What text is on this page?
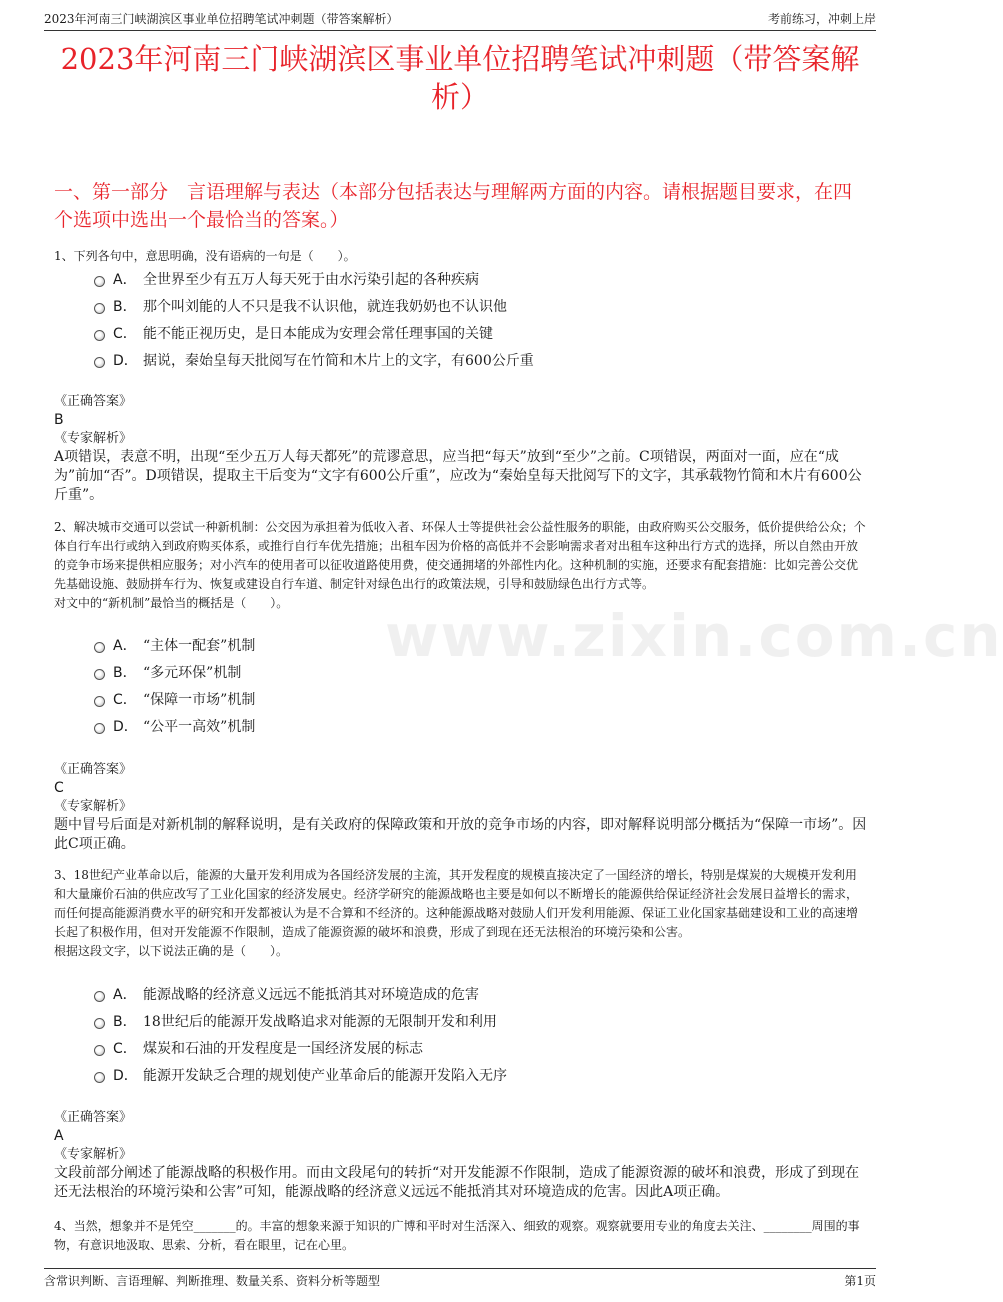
2023年河南三门峡湖滨区事业单位招聘笔试冲刺题（带答案解析）	考前练习，冲刺上岸
2023年河南三门峡湖滨区事业单位招聘笔试冲刺题（带答案解析）
一、第一部分　言语理解与表达（本部分包括表达与理解两方面的内容。请根据题目要求，在四个选项中选出一个最恰当的答案。）
www.zixin.com.cn

1、下列各句中，意思明确，没有语病的一句是（　　）。

A． 全世界至少有五万人每天死于由水污染引起的各种疾病
B． 那个叫刘能的人不只是我不认识他，就连我奶奶也不认识他
C． 能不能正视历史，是日本能成为安理会常任理事国的关键
D． 据说，秦始皇每天批阅写在竹简和木片上的文字，有600公斤重
《正确答案》
B
《专家解析》

A项错误，表意不明，出现“至少五万人每天都死”的荒谬意思，应当把“每天”放到“至少”之前。C项错误，两面对一面，应在“成为”前加“否”。D项错误，提取主干后变为“文字有600公斤重”，应改为“秦始皇每天批阅写下的文字，其承载物竹简和木片有600公斤重”。

2、解决城市交通可以尝试一种新机制：公交因为承担着为低收入者、环保人士等提供社会公益性服务的职能，由政府购买公交服务，低价提供给公众；个体自行车出行或纳入到政府购买体系，或推行自行车优先措施；出租车因为价格的高低并不会影响需求者对出租车这种出行方式的选择，所以自然由开放的竞争市场来提供相应服务；对小汽车的使用者可以征收道路使用费，使交通拥堵的外部性内化。这种机制的实施，还要求有配套措施：比如完善公交优先基础设施、鼓励拼车行为、恢复或建设自行车道、制定针对绿色出行的政策法规，引导和鼓励绿色出行方式等。

对文中的“新机制”最恰当的概括是（　　）。

A． “主体一配套”机制
B． “多元环保”机制
C． “保障一市场”机制
D． “公平一高效”机制
《正确答案》
C
《专家解析》

题中冒号后面是对新机制的解释说明，是有关政府的保障政策和开放的竞争市场的内容，即对解释说明部分概括为“保障一市场”。因此C项正确。

3、18世纪产业革命以后，能源的大量开发利用成为各国经济发展的主流，其开发程度的规模直接决定了一国经济的增长，特别是煤炭的大规模开发利用和大量廉价石油的供应改写了工业化国家的经济发展史。经济学研究的能源战略也主要是如何以不断增长的能源供给保证经济社会发展日益增长的需求，而任何提高能源消费水平的研究和开发都被认为是不合算和不经济的。这种能源战略对鼓励人们开发利用能源、保证工业化国家基础建设和工业的高速增长起了积极作用，但对开发能源不作限制，造成了能源资源的破坏和浪费，形成了到现在还无法根治的环境污染和公害。

根据这段文字，以下说法正确的是（　　）。

A． 能源战略的经济意义远远不能抵消其对环境造成的危害
B． 18世纪后的能源开发战略追求对能源的无限制开发和利用
C． 煤炭和石油的开发程度是一国经济发展的标志
D． 能源开发缺乏合理的规划使产业革命后的能源开发陷入无序
《正确答案》
A
《专家解析》

文段前部分阐述了能源战略的积极作用。而由文段尾句的转折“对开发能源不作限制，造成了能源资源的破坏和浪费，形成了到现在还无法根治的环境污染和公害”可知，能源战略的经济意义远远不能抵消其对环境造成的危害。因此A项正确。

4、当然，想象并不是凭空_______的。丰富的想象来源于知识的广博和平时对生活深入、细致的观察。观察就要用专业的角度去关注、________周围的事物，有意识地汲取、思索、分析，看在眼里，记在心里。

含常识判断、言语理解、判断推理、数量关系、资料分析等题型	第1页
